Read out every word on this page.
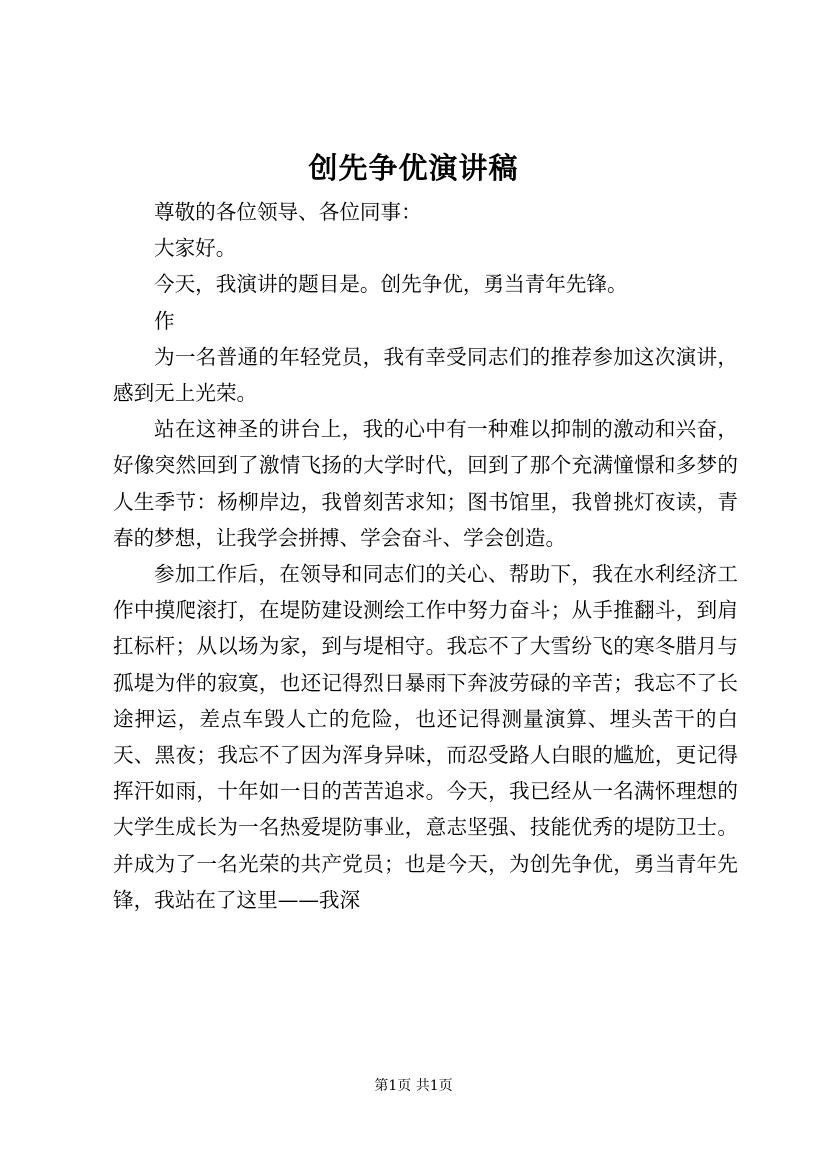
创先争优演讲稿

尊敬的各位领导、各位同事：

大家好。

今天，我演讲的题目是。创先争优，勇当青年先锋。

作

为一名普通的年轻党员，我有幸受同志们的推荐参加这次演讲，感到无上光荣。

站在这神圣的讲台上，我的心中有一种难以抑制的激动和兴奋，好像突然回到了激情飞扬的大学时代，回到了那个充满憧憬和多梦的人生季节：杨柳岸边，我曾刻苦求知；图书馆里，我曾挑灯夜读，青春的梦想，让我学会拼搏、学会奋斗、学会创造。

参加工作后，在领导和同志们的关心、帮助下，我在水利经济工作中摸爬滚打，在堤防建设测绘工作中努力奋斗；从手推翻斗，到肩扛标杆；从以场为家，到与堤相守。我忘不了大雪纷飞的寒冬腊月与孤堤为伴的寂寞，也还记得烈日暴雨下奔波劳碌的辛苦；我忘不了长途押运，差点车毁人亡的危险，也还记得测量演算、埋头苦干的白天、黑夜；我忘不了因为浑身异味，而忍受路人白眼的尴尬，更记得挥汗如雨，十年如一日的苦苦追求。今天，我已经从一名满怀理想的大学生成长为一名热爱堤防事业，意志坚强、技能优秀的堤防卫士。并成为了一名光荣的共产党员；也是今天，为创先争优，勇当青年先锋，我站在了这里——我深

第1页 共1页
